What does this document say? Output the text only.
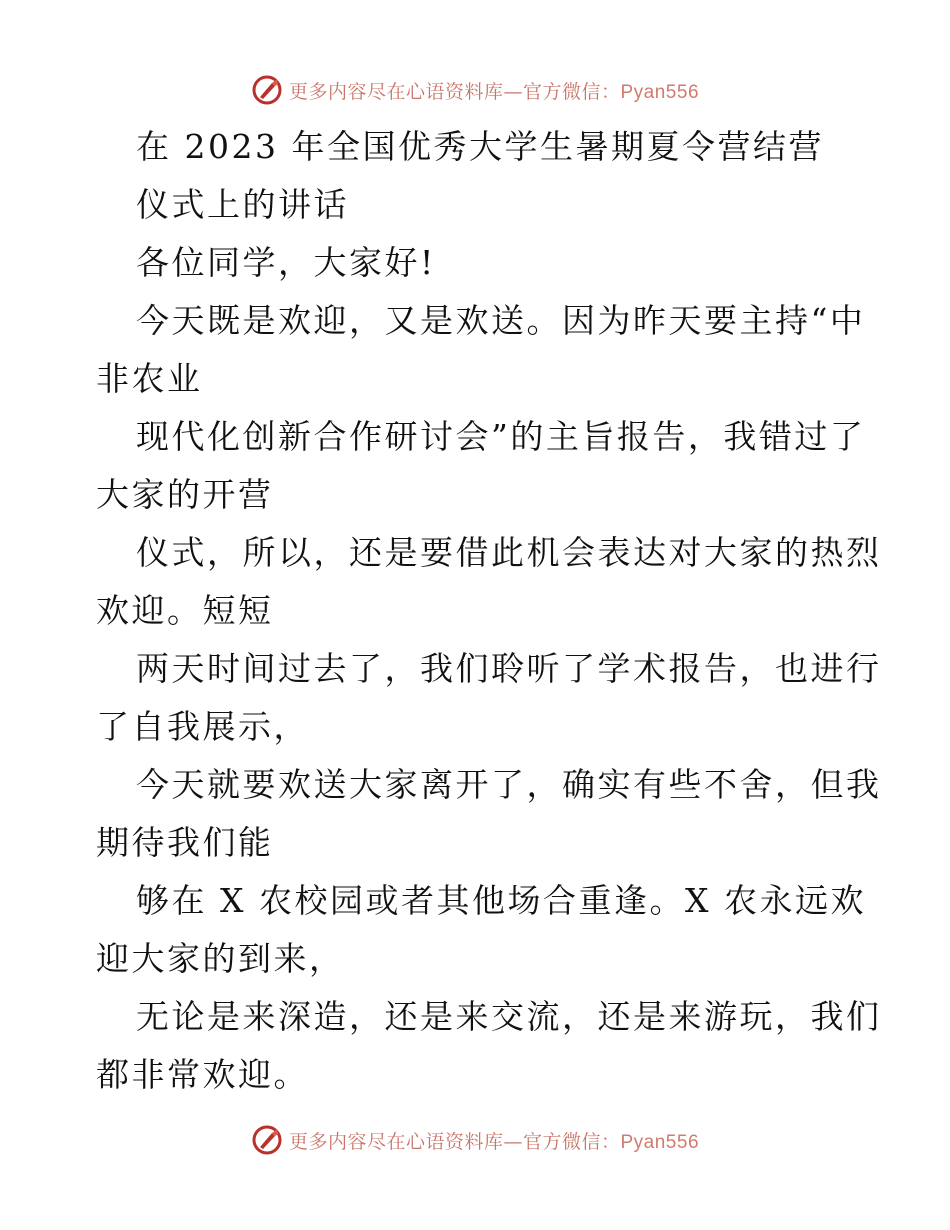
更多内容尽在心语资料库—官方微信：Pyan556
在 2023 年全国优秀大学生暑期夏令营结营
仪式上的讲话
各位同学，大家好!
今天既是欢迎，又是欢送。因为昨天要主持“中
非农业
现代化创新合作研讨会”的主旨报告，我错过了
大家的开营
仪式，所以，还是要借此机会表达对大家的热烈
欢迎。短短
两天时间过去了，我们聆听了学术报告，也进行
了自我展示，
今天就要欢送大家离开了，确实有些不舍，但我
期待我们能
够在 X 农校园或者其他场合重逢。X 农永远欢
迎大家的到来，
无论是来深造，还是来交流，还是来游玩，我们
都非常欢迎。
更多内容尽在心语资料库—官方微信：Pyan556
